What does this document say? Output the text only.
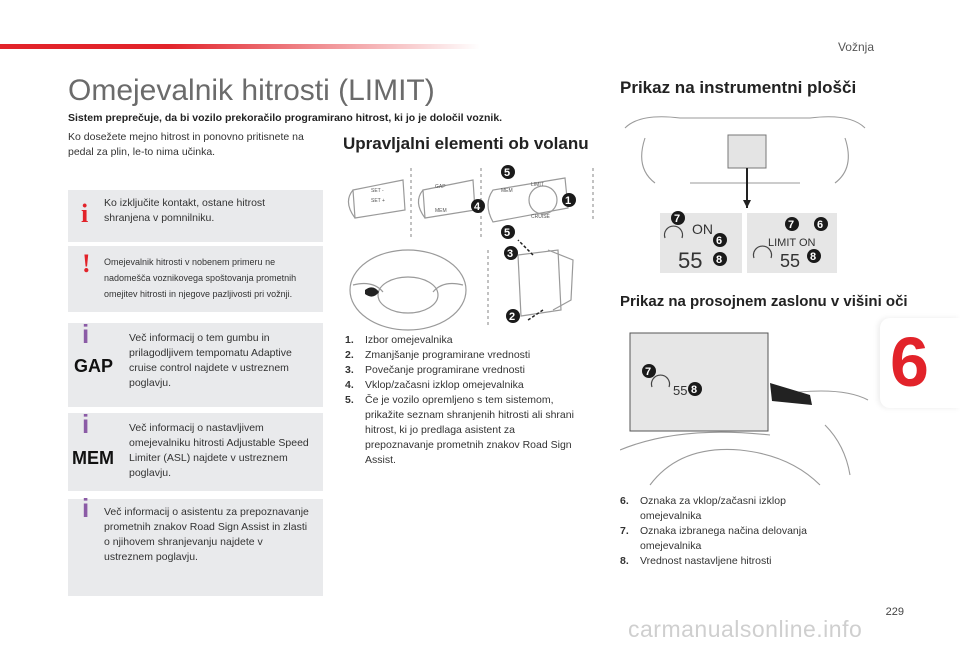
Vožnja
229
6
Omejevalnik hitrosti (LIMIT)
Sistem preprečuje, da bi vozilo prekoračilo programirano hitrost, ki jo je določil voznik.
Ko dosežete mejno hitrost in ponovno pritisnete na pedal za plin, le-to nima učinka.
i Ko izključite kontakt, ostane hitrost shranjena v pomnilniku.
! Omejevalnik hitrosti v nobenem primeru ne nadomešča voznikovega spoštovanja prometnih omejitev hitrosti in njegove pazljivosti pri vožnji.
i
GAP
Več informacij o tem gumbu in prilagodljivem tempomatu Adaptive cruise control najdete v ustreznem poglavju.
i
MEM
Več informacij o nastavljivem omejevalniku hitrosti Adjustable Speed Limiter (ASL) najdete v ustreznem poglavju.
i Več informacij o asistentu za prepoznavanje prometnih znakov Road Sign Assist in zlasti o njihovem shranjevanju najdete v ustreznem poglavju.
Upravljalni elementi ob volanu
SET -
SET +
GAP
MEM
MEM
LIMIT
CRUISE
1
4
5
5
3
2
1.	Izbor omejevalnika
2.	Zmanjšanje programirane vrednosti
3.	Povečanje programirane vrednosti
4.	Vklop/začasni izklop omejevalnika
5.	Če je vozilo opremljeno s tem sistemom, prikažite seznam shranjenih hitrosti ali shrani hitrost, ki jo predlaga asistent za prepoznavanje prometnih znakov Road Sign Assist.
Prikaz na instrumentni plošči
ON
LIMIT ON
55	55
7
6
8
7 6
8
Prikaz na prosojnem zaslonu v višini oči
55
7
8
6.	Oznaka za vklop/začasni izklop omejevalnika
7.	Oznaka izbranega načina delovanja omejevalnika
8.	Vrednost nastavljene hitrosti
carmanualsonline.info
